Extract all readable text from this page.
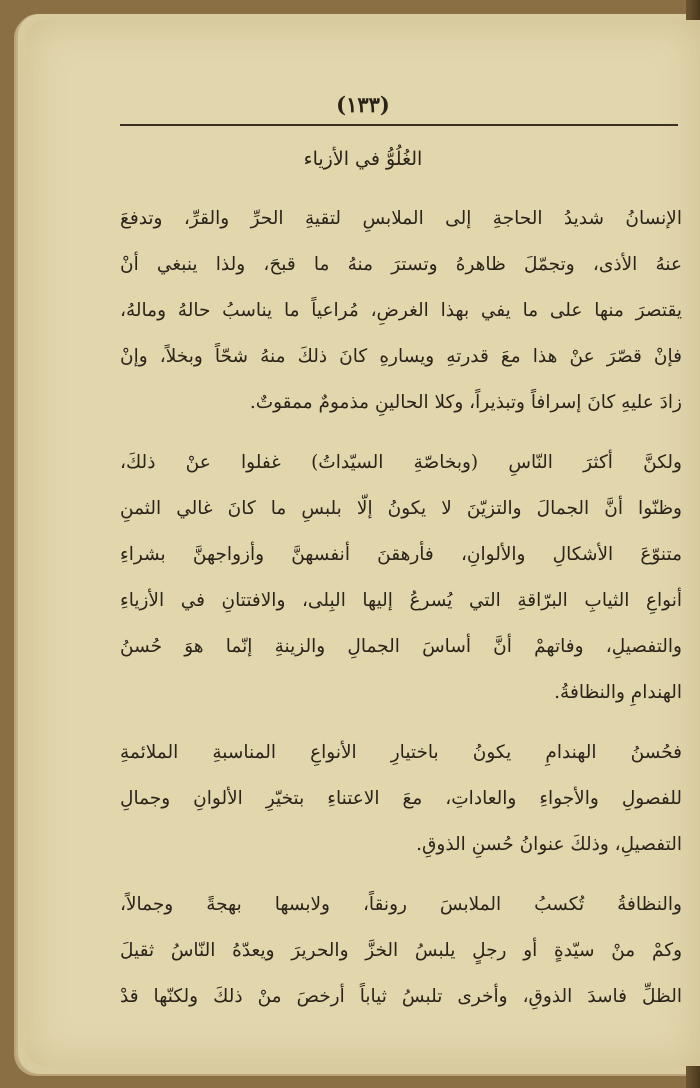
(١٣٣)
الغُلُوُّ في الأزياء
الإنسانُ شديدُ الحاجةِ إلى الملابسِ لتقيةِ الحرِّ والقرِّ، وتدفعَ
عنهُ الأذى، وتجمّلَ ظاهرهُ وتسترَ منهُ ما قبحَ، ولذا ينبغي أنْ
يقتصرَ منها على ما يفي بهذا الغرضِ، مُراعياً ما يناسبُ حالهُ ومالهُ،
فإنْ قصّرَ عنْ هذا معَ قدرتهِ ويسارهِ كانَ ذلكَ منهُ شحّاً وبخلاً، وإنْ
زادَ عليهِ كانَ إسرافاً وتبذيراً، وكلا الحالينِ مذمومٌ ممقوتٌ.
ولكنَّ أكثرَ النّاسِ (وبخاصّةِ السيّداتُ) غفلوا عنْ ذلكَ،
وظنّوا أنَّ الجمالَ والتزيّنَ لا يكونُ إلّا بلبسِ ما كانَ غالي الثمنِ
متنوّعَ الأشكالِ والألوانِ، فأرهقنَ أنفسهنَّ وأزواجهنَّ بشراءِ
أنواعِ الثيابِ البرّاقةِ التي يُسرعُ إليها البِلى، والافتتانِ في الأزياءِ
والتفصيلِ، وفاتهمْ أنَّ أساسَ الجمالِ والزينةِ إنّما هوَ حُسنُ
الهندامِ والنظافةُ.
فحُسنُ الهندامِ يكونُ باختيارِ الأنواعِ المناسبةِ الملائمةِ
للفصولِ والأجواءِ والعاداتِ، معَ الاعتناءِ بتخيّرِ الألوانِ وجمالِ
التفصيلِ، وذلكَ عنوانُ حُسنِ الذوقِ.
والنظافةُ تُكسبُ الملابسَ رونقاً، ولابسها بهجةً وجمالاً،
وكمْ منْ سيّدةٍ أو رجلٍ يلبسُ الخزَّ والحريرَ ويعدّهُ النّاسُ ثقيلَ
الظلِّ فاسدَ الذوقِ، وأخرى تلبسُ ثياباً أرخصَ منْ ذلكَ ولكنّها قدْ
